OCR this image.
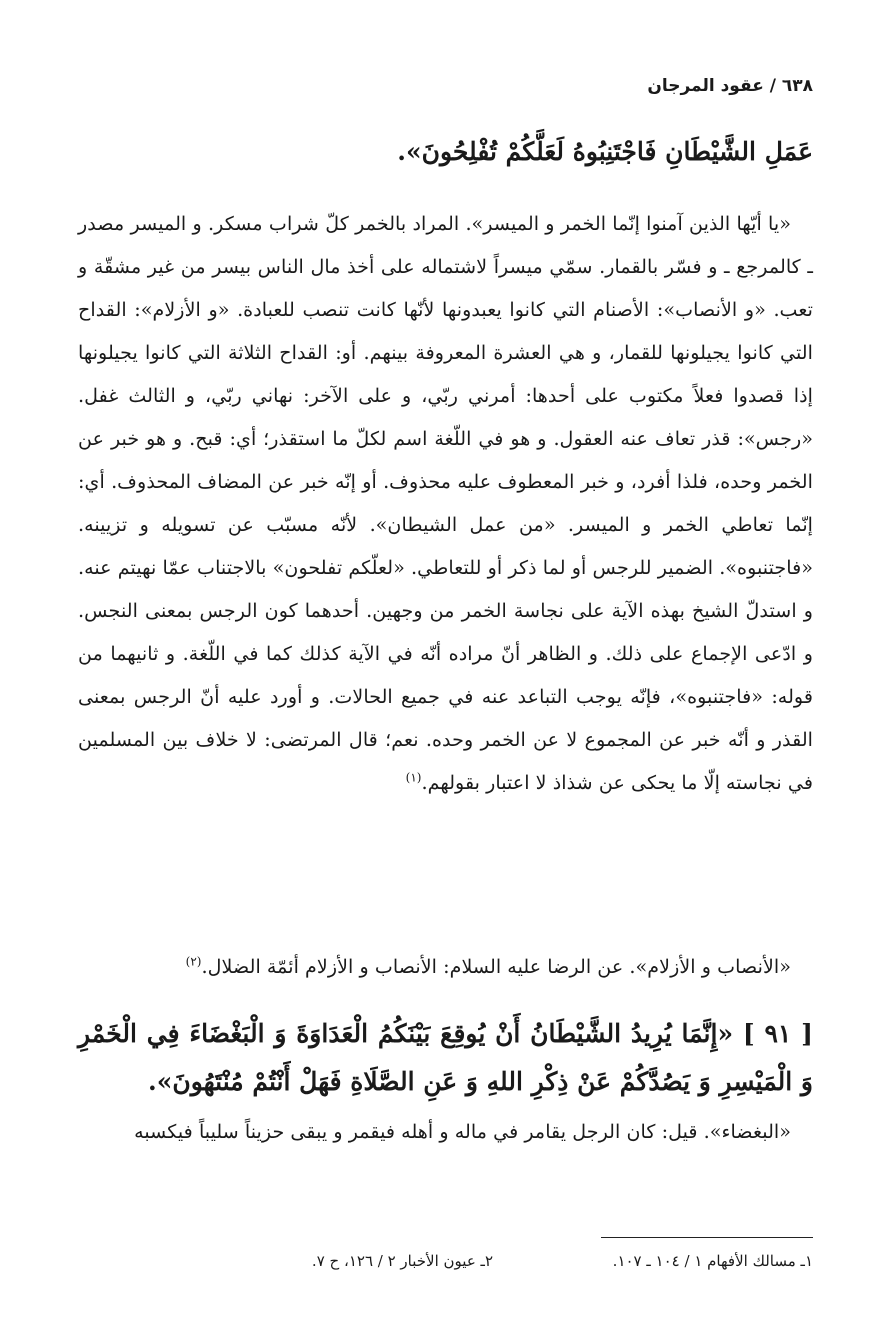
٦٣٨ / عقود المرجان
عَمَلِ الشَّيْطَانِ فَاجْتَنِبُوهُ لَعَلَّكُمْ تُفْلِحُونَ».
«يا أيّها الذين آمنوا إنّما الخمر و الميسر». المراد بالخمر كلّ شراب مسكر. و الميسر مصدر ـ كالمرجع ـ و فسّر بالقمار. سمّي ميسراً لاشتماله على أخذ مال الناس بيسر من غير مشقّة و تعب. «و الأنصاب»: الأصنام التي كانوا يعبدونها لأنّها كانت تنصب للعبادة. «و الأزلام»: القداح التي كانوا يجيلونها للقمار، و هي العشرة المعروفة بينهم. أو: القداح الثلاثة التي كانوا يجيلونها إذا قصدوا فعلاً مكتوب على أحدها: أمرني ربّي، و على الآخر: نهاني ربّي، و الثالث غفل. «رجس»: قذر تعاف عنه العقول. و هو في اللّغة اسم لكلّ ما استقذر؛ أي: قبح. و هو خبر عن الخمر وحده، فلذا أفرد، و خبر المعطوف عليه محذوف. أو إنّه خبر عن المضاف المحذوف. أي: إنّما تعاطي الخمر و الميسر. «من عمل الشيطان». لأنّه مسبّب عن تسويله و تزيينه. «فاجتنبوه». الضمير للرجس أو لما ذكر أو للتعاطي. «لعلّكم تفلحون» بالاجتناب عمّا نهيتم عنه. و استدلّ الشيخ بهذه الآية على نجاسة الخمر من وجهين. أحدهما كون الرجس بمعنى النجس. و ادّعى الإجماع على ذلك. و الظاهر أنّ مراده أنّه في الآية كذلك كما في اللّغة. و ثانيهما من قوله: «فاجتنبوه»، فإنّه يوجب التباعد عنه في جميع الحالات. و أورد عليه أنّ الرجس بمعنى القذر و أنّه خبر عن المجموع لا عن الخمر وحده. نعم؛ قال المرتضى: لا خلاف بين المسلمين في نجاسته إلّا ما يحكى عن شذاذ لا اعتبار بقولهم.$^{(١)}$
«الأنصاب و الأزلام». عن الرضا عليه السلام: الأنصاب و الأزلام أئمّة الضلال.$^{(٢)}$
[ ٩١ ] «إِنَّمَا يُرِيدُ الشَّيْطَانُ أَنْ يُوقِعَ بَيْنَكُمُ الْعَدَاوَةَ وَ الْبَغْضَاءَ فِي الْخَمْرِ وَ الْمَيْسِرِ وَ يَصُدَّكُمْ عَنْ ذِكْرِ اللهِ وَ عَنِ الصَّلَاةِ فَهَلْ أَنْتُمْ مُنْتَهُونَ».
«البغضاء». قيل: كان الرجل يقامر في ماله و أهله فيقمر و يبقى حزيناً سليباً فيكسبه
١ـ مسالك الأفهام ١ / ١٠٤ ـ ١٠٧.
٢ـ عيون الأخبار ٢ / ١٢٦، ح ٧.
